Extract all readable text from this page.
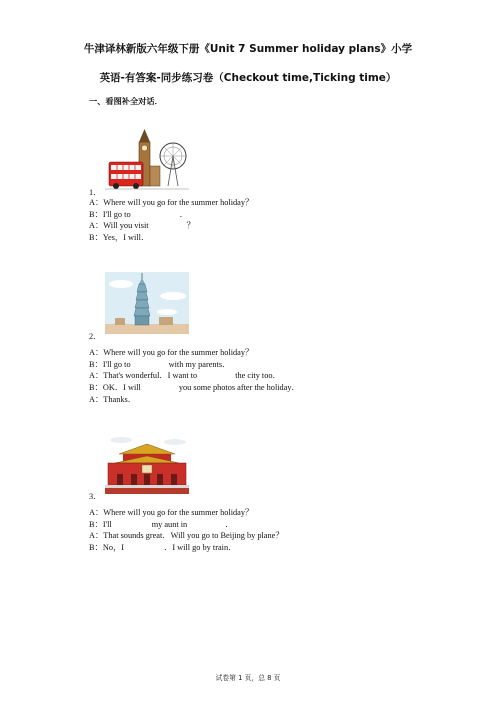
牛津译林新版六年级下册《Unit 7 Summer holiday plans》小学
英语-有答案-同步练习卷（Checkout time,Ticking time）
一、看图补全对话．
1．
A：Where will you go for the summer holiday？
B：I'll go to	．
A：Will you visit	？
B：Yes，I will．
2．
A：Where will you go for the summer holiday？
B：I'll go to	with my parents．
A：That's wonderful．I want to	the city too．
B：OK．I will	you some photos after the holiday．
A：Thanks．
3．
A：Where will you go for the summer holiday？
B：I'll	my aunt in	．
A：That sounds great．Will you go to Beijing by plane？
B：No，I	．I will go by train．
试卷第 1 页，总 8 页
